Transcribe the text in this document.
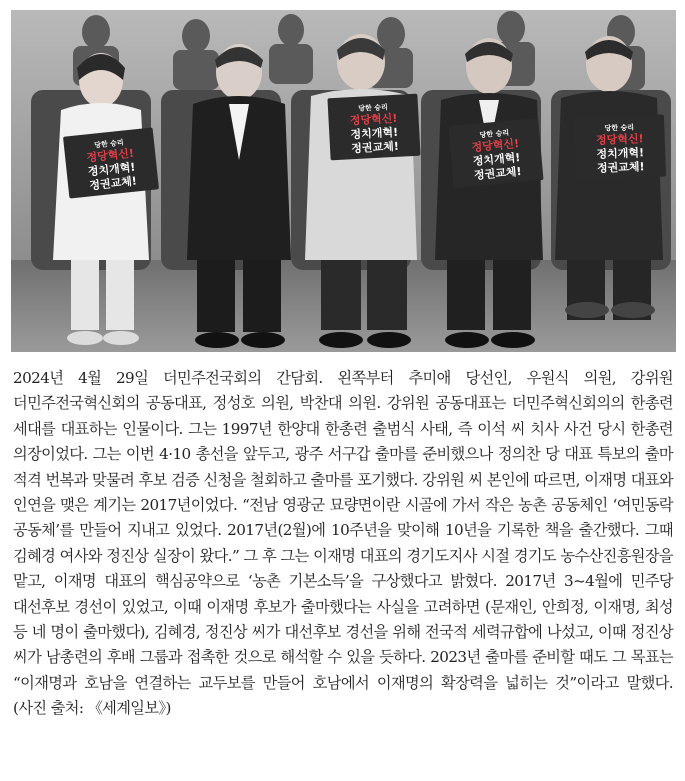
당한 승리
정당혁신!
정치개혁!
정권교체!
당한 승리
정당혁신!
정치개혁!
정권교체!
당한 승리
정당혁신!
정치개혁!
정권교체!
당한 승리
정당혁신!
정치개혁!
정권교체!

2024년 4월 29일 더민주전국회의 간담회. 왼쪽부터 추미애 당선인, 우원식 의원, 강위원 더민주전국혁신회의 공동대표, 정성호 의원, 박찬대 의원. 강위원 공동대표는 더민주혁신회의의 한총련 세대를 대표하는 인물이다. 그는 1997년 한양대 한총련 출범식 사태, 즉 이석 씨 치사 사건 당시 한총련 의장이었다. 그는 이번 4·10 총선을 앞두고, 광주 서구갑 출마를 준비했으나 정의찬 당 대표 특보의 출마 적격 번복과 맞물려 후보 검증 신청을 철회하고 출마를 포기했다. 강위원 씨 본인에 따르면, 이재명 대표와 인연을 맺은 계기는 2017년이었다. “전남 영광군 묘량면이란 시골에 가서 작은 농촌 공동체인 ‘여민동락 공동체’를 만들어 지내고 있었다. 2017년(2월)에 10주년을 맞이해 10년을 기록한 책을 출간했다. 그때 김혜경 여사와 정진상 실장이 왔다.” 그 후 그는 이재명 대표의 경기도지사 시절 경기도 농수산진흥원장을 맡고, 이재명 대표의 핵심공약으로 ‘농촌 기본소득’을 구상했다고 밝혔다. 2017년 3~4월에 민주당 대선후보 경선이 있었고, 이때 이재명 후보가 출마했다는 사실을 고려하면 (문재인, 안희정, 이재명, 최성 등 네 명이 출마했다), 김혜경, 정진상 씨가 대선후보 경선을 위해 전국적 세력규합에 나섰고, 이때 정진상 씨가 남총련의 후배 그룹과 접촉한 것으로 해석할 수 있을 듯하다. 2023년 출마를 준비할 때도 그 목표는 “이재명과 호남을 연결하는 교두보를 만들어 호남에서 이재명의 확장력을 넓히는 것”이라고 말했다. (사진 출처: 《세계일보》)
